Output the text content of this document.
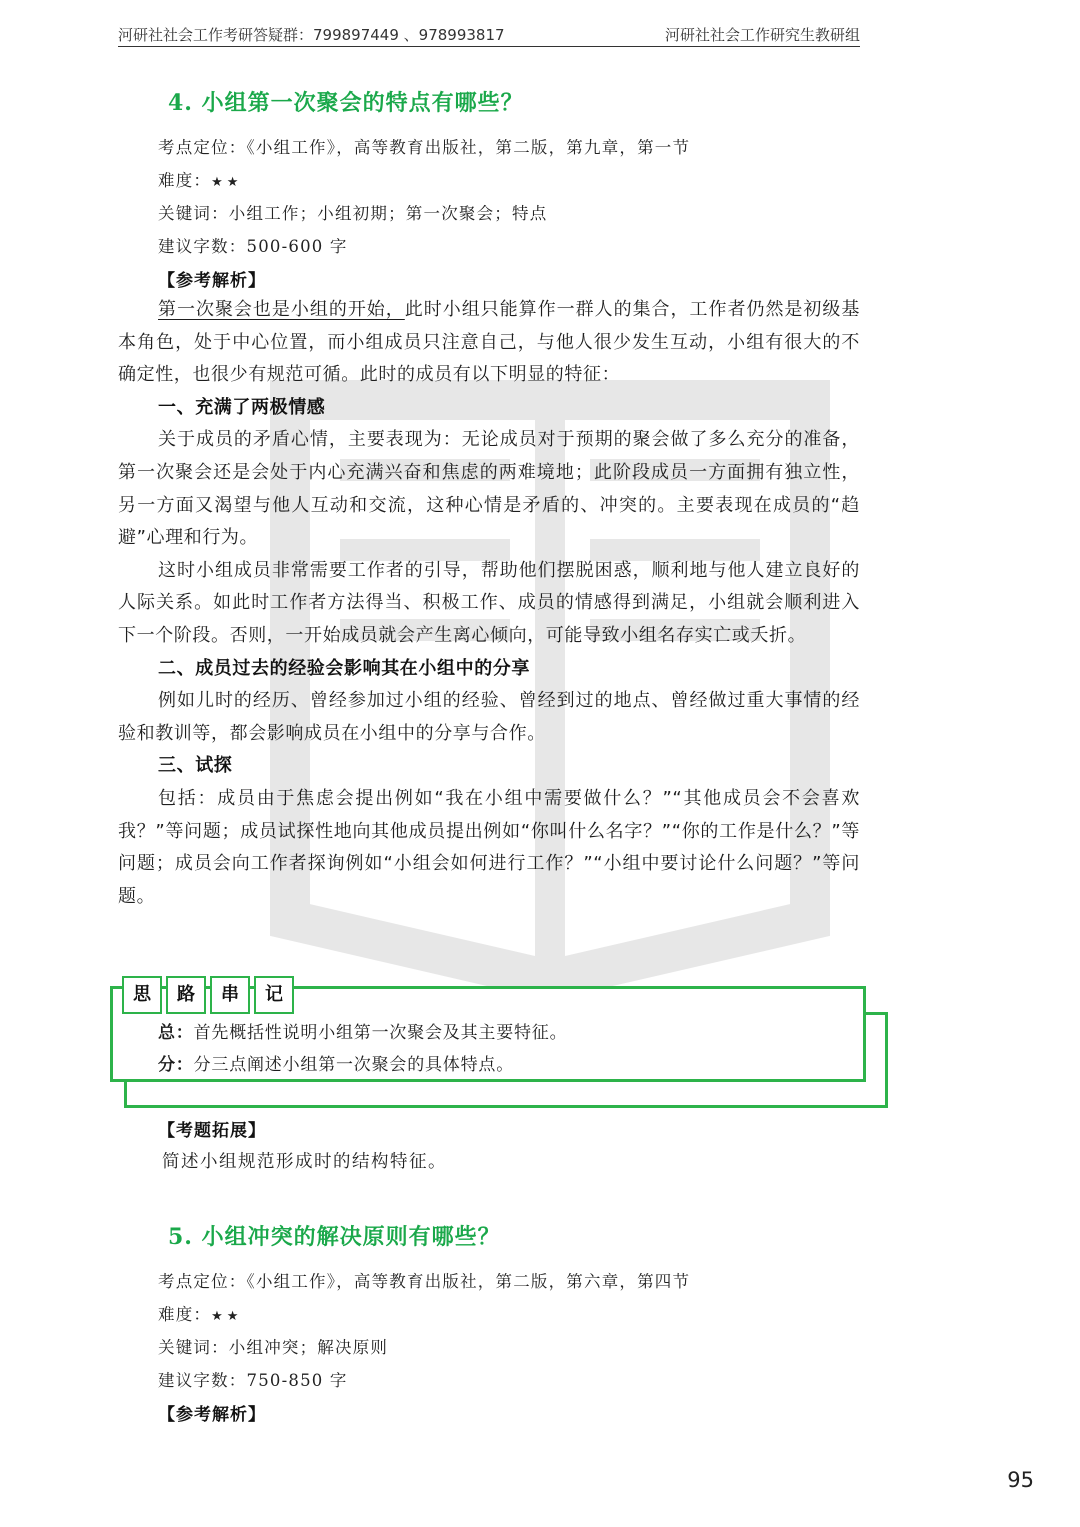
河研社社会工作考研答疑群：799897449 、978993817	河研社社会工作研究生教研组
4. 小组第一次聚会的特点有哪些？
考点定位：《小组工作》，高等教育出版社，第二版，第九章，第一节
难度：★★
关键词：小组工作；小组初期；第一次聚会；特点
建议字数：500-600 字
【参考解析】

第一次聚会也是小组的开始，此时小组只能算作一群人的集合，工作者仍然是初级基本角色，处于中心位置，而小组成员只注意自己，与他人很少发生互动，小组有很大的不确定性，也很少有规范可循。此时的成员有以下明显的特征：

一、充满了两极情感

关于成员的矛盾心情，主要表现为：无论成员对于预期的聚会做了多么充分的准备，第一次聚会还是会处于内心充满兴奋和焦虑的两难境地；此阶段成员一方面拥有独立性，另一方面又渴望与他人互动和交流，这种心情是矛盾的、冲突的。主要表现在成员的“趋避”心理和行为。

这时小组成员非常需要工作者的引导，帮助他们摆脱困惑，顺利地与他人建立良好的人际关系。如此时工作者方法得当、积极工作、成员的情感得到满足，小组就会顺利进入下一个阶段。否则，一开始成员就会产生离心倾向，可能导致小组名存实亡或夭折。

二、成员过去的经验会影响其在小组中的分享

例如儿时的经历、曾经参加过小组的经验、曾经到过的地点、曾经做过重大事情的经验和教训等，都会影响成员在小组中的分享与合作。

三、试探

包括：成员由于焦虑会提出例如“我在小组中需要做什么？”“其他成员会不会喜欢我？”等问题；成员试探性地向其他成员提出例如“你叫什么名字？”“你的工作是什么？”等问题；成员会向工作者探询例如“小组会如何进行工作？”“小组中要讨论什么问题？”等问题。

思	路	串	记
总：首先概括性说明小组第一次聚会及其主要特征。
分：分三点阐述小组第一次聚会的具体特点。
【考题拓展】
简述小组规范形成时的结构特征。
5. 小组冲突的解决原则有哪些？
考点定位：《小组工作》，高等教育出版社，第二版，第六章，第四节
难度：★★
关键词：小组冲突；解决原则
建议字数：750-850 字
【参考解析】
95
